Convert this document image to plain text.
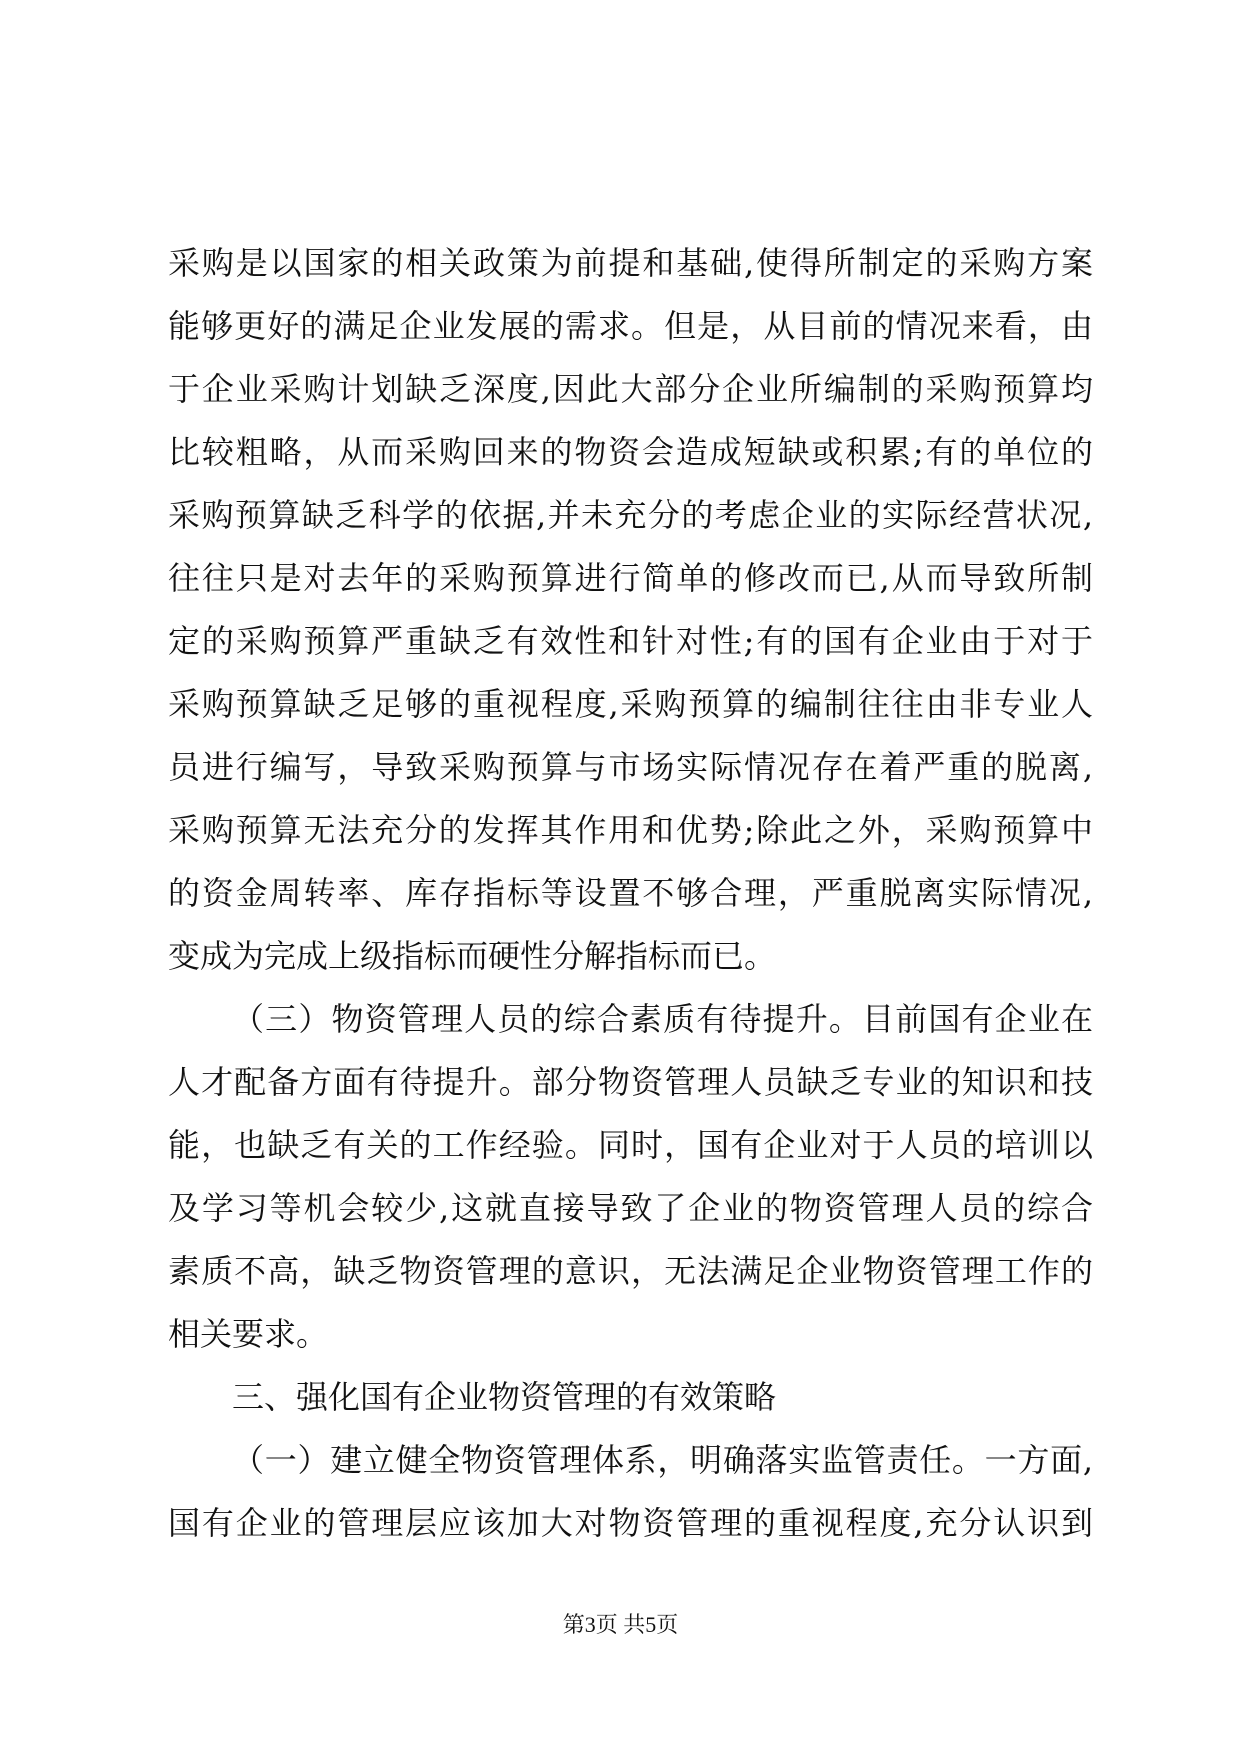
采购是以国家的相关政策为前提和基础,使得所制定的采购方案
能够更好的满足企业发展的需求。但是，从目前的情况来看，由
于企业采购计划缺乏深度,因此大部分企业所编制的采购预算均
比较粗略，从而采购回来的物资会造成短缺或积累;有的单位的
采购预算缺乏科学的依据,并未充分的考虑企业的实际经营状况,
往往只是对去年的采购预算进行简单的修改而已,从而导致所制
定的采购预算严重缺乏有效性和针对性;有的国有企业由于对于
采购预算缺乏足够的重视程度,采购预算的编制往往由非专业人
员进行编写，导致采购预算与市场实际情况存在着严重的脱离,
采购预算无法充分的发挥其作用和优势;除此之外，采购预算中
的资金周转率、库存指标等设置不够合理，严重脱离实际情况,
变成为完成上级指标而硬性分解指标而已。
（三）物资管理人员的综合素质有待提升。目前国有企业在
人才配备方面有待提升。部分物资管理人员缺乏专业的知识和技
能，也缺乏有关的工作经验。同时，国有企业对于人员的培训以
及学习等机会较少,这就直接导致了企业的物资管理人员的综合
素质不高，缺乏物资管理的意识，无法满足企业物资管理工作的
相关要求。
三、强化国有企业物资管理的有效策略
（一）建立健全物资管理体系，明确落实监管责任。一方面,
国有企业的管理层应该加大对物资管理的重视程度,充分认识到
第3页 共5页
